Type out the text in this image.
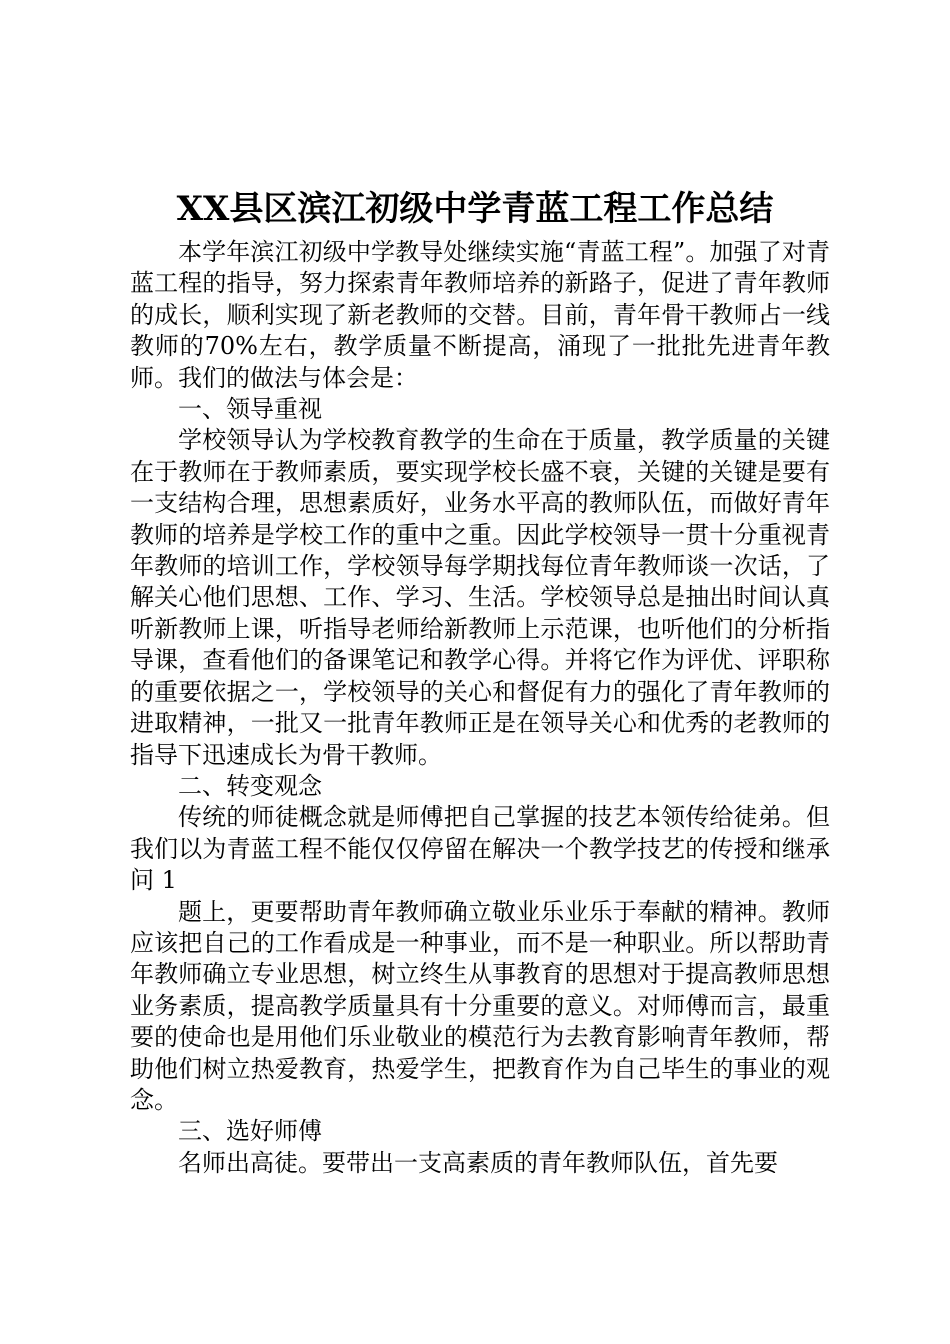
XX县区滨江初级中学青蓝工程工作总结

本学年滨江初级中学教导处继续实施“青蓝工程”。加强了对青蓝工程的指导，努力探索青年教师培养的新路子，促进了青年教师的成长，顺利实现了新老教师的交替。目前，青年骨干教师占一线教师的70%左右，教学质量不断提高，涌现了一批批先进青年教师。我们的做法与体会是：

一、领导重视

学校领导认为学校教育教学的生命在于质量，教学质量的关键在于教师在于教师素质，要实现学校长盛不衰，关键的关键是要有一支结构合理，思想素质好，业务水平高的教师队伍，而做好青年教师的培养是学校工作的重中之重。因此学校领导一贯十分重视青年教师的培训工作，学校领导每学期找每位青年教师谈一次话，了解关心他们思想、工作、学习、生活。学校领导总是抽出时间认真听新教师上课，听指导老师给新教师上示范课，也听他们的分析指导课，查看他们的备课笔记和教学心得。并将它作为评优、评职称的重要依据之一，学校领导的关心和督促有力的强化了青年教师的进取精神，一批又一批青年教师正是在领导关心和优秀的老教师的指导下迅速成长为骨干教师。

二、转变观念

传统的师徒概念就是师傅把自己掌握的技艺本领传给徒弟。但我们以为青蓝工程不能仅仅停留在解决一个教学技艺的传授和继承问 1

题上，更要帮助青年教师确立敬业乐业乐于奉献的精神。教师应该把自己的工作看成是一种事业，而不是一种职业。所以帮助青年教师确立专业思想，树立终生从事教育的思想对于提高教师思想业务素质，提高教学质量具有十分重要的意义。对师傅而言，最重要的使命也是用他们乐业敬业的模范行为去教育影响青年教师，帮助他们树立热爱教育，热爱学生，把教育作为自己毕生的事业的观念。

三、选好师傅

名师出高徒。要带出一支高素质的青年教师队伍，首先要
